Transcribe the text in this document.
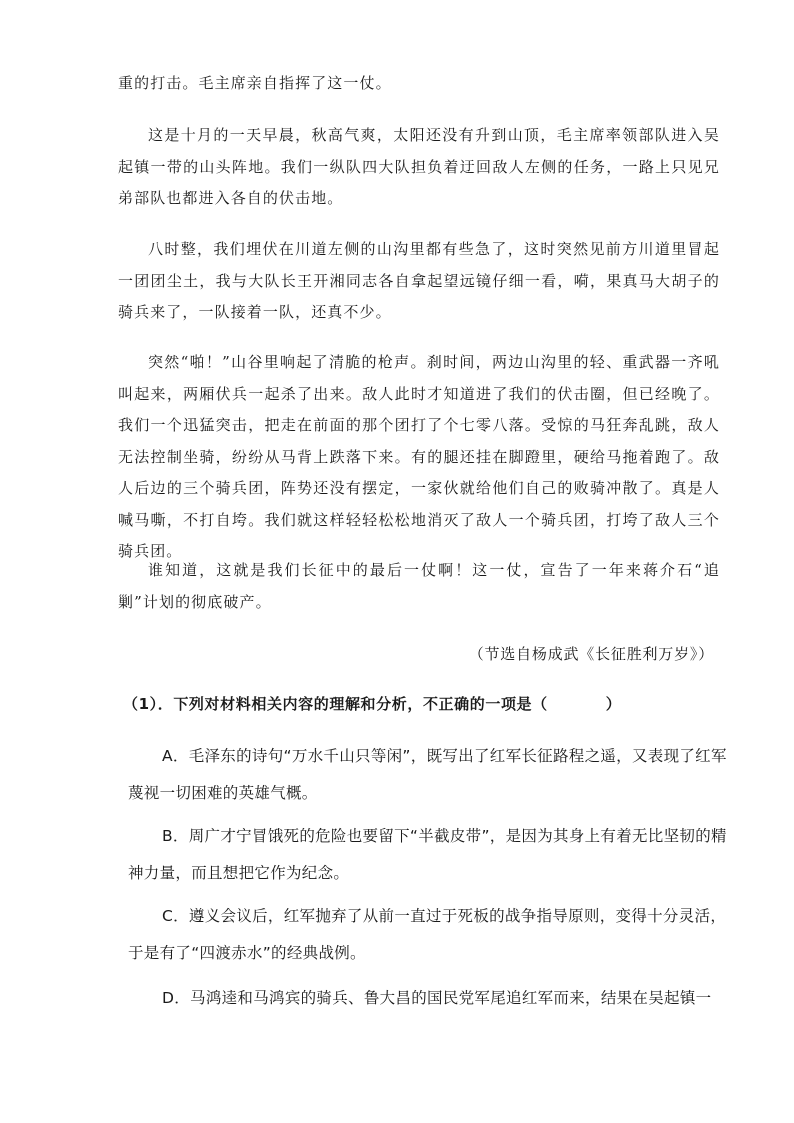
重的打击。毛主席亲自指挥了这一仗。

这是十月的一天早晨，秋高气爽，太阳还没有升到山顶，毛主席率领部队进入吴起镇一带的山头阵地。我们一纵队四大队担负着迂回敌人左侧的任务，一路上只见兄弟部队也都进入各自的伏击地。

八时整，我们埋伏在川道左侧的山沟里都有些急了，这时突然见前方川道里冒起一团团尘土，我与大队长王开湘同志各自拿起望远镜仔细一看，嗬，果真马大胡子的骑兵来了，一队接着一队，还真不少。

突然“啪！”山谷里响起了清脆的枪声。刹时间，两边山沟里的轻、重武器一齐吼叫起来，两厢伏兵一起杀了出来。敌人此时才知道进了我们的伏击圈，但已经晚了。我们一个迅猛突击，把走在前面的那个团打了个七零八落。受惊的马狂奔乱跳，敌人无法控制坐骑，纷纷从马背上跌落下来。有的腿还挂在脚蹬里，硬给马拖着跑了。敌人后边的三个骑兵团，阵势还没有摆定，一家伙就给他们自己的败骑冲散了。真是人喊马嘶，不打自垮。我们就这样轻轻松松地消灭了敌人一个骑兵团，打垮了敌人三个骑兵团。

谁知道，这就是我们长征中的最后一仗啊！这一仗，宣告了一年来蒋介石“追剿”计划的彻底破产。

（节选自杨成武《长征胜利万岁》）

（1）．下列对材料相关内容的理解和分析，不正确的一项是（	）

A．毛泽东的诗句“万水千山只等闲”，既写出了红军长征路程之遥，又表现了红军蔑视一切困难的英雄气概。

B．周广才宁冒饿死的危险也要留下“半截皮带”，是因为其身上有着无比坚韧的精神力量，而且想把它作为纪念。

C．遵义会议后，红军抛弃了从前一直过于死板的战争指导原则，变得十分灵活，于是有了“四渡赤水”的经典战例。

D．马鸿逵和马鸿宾的骑兵、鲁大昌的国民党军尾追红军而来，结果在吴起镇一
